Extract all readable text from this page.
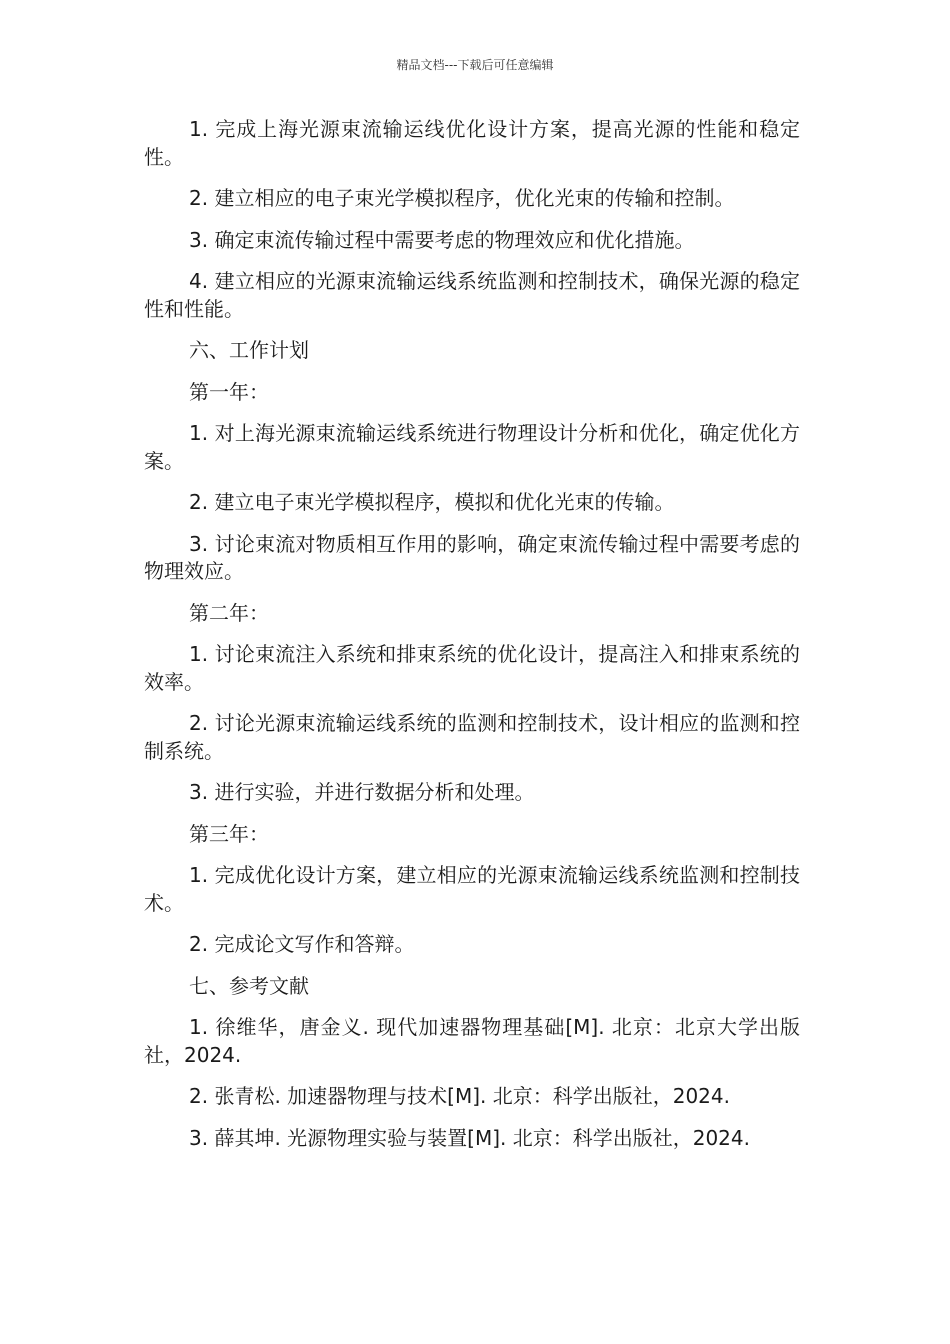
精品文档---下载后可任意编辑

1. 完成上海光源束流输运线优化设计方案，提高光源的性能和稳定性。

2. 建立相应的电子束光学模拟程序，优化光束的传输和控制。

3. 确定束流传输过程中需要考虑的物理效应和优化措施。

4. 建立相应的光源束流输运线系统监测和控制技术，确保光源的稳定性和性能。

六、工作计划

第一年：

1. 对上海光源束流输运线系统进行物理设计分析和优化，确定优化方案。

2. 建立电子束光学模拟程序，模拟和优化光束的传输。

3. 讨论束流对物质相互作用的影响，确定束流传输过程中需要考虑的物理效应。

第二年：

1. 讨论束流注入系统和排束系统的优化设计，提高注入和排束系统的效率。

2. 讨论光源束流输运线系统的监测和控制技术，设计相应的监测和控制系统。

3. 进行实验，并进行数据分析和处理。

第三年：

1. 完成优化设计方案，建立相应的光源束流输运线系统监测和控制技术。

2. 完成论文写作和答辩。

七、参考文献

1. 徐维华，唐金义. 现代加速器物理基础[M]. 北京：北京大学出版社，2024.

2. 张青松. 加速器物理与技术[M]. 北京：科学出版社，2024.

3. 薛其坤. 光源物理实验与装置[M]. 北京：科学出版社，2024.
